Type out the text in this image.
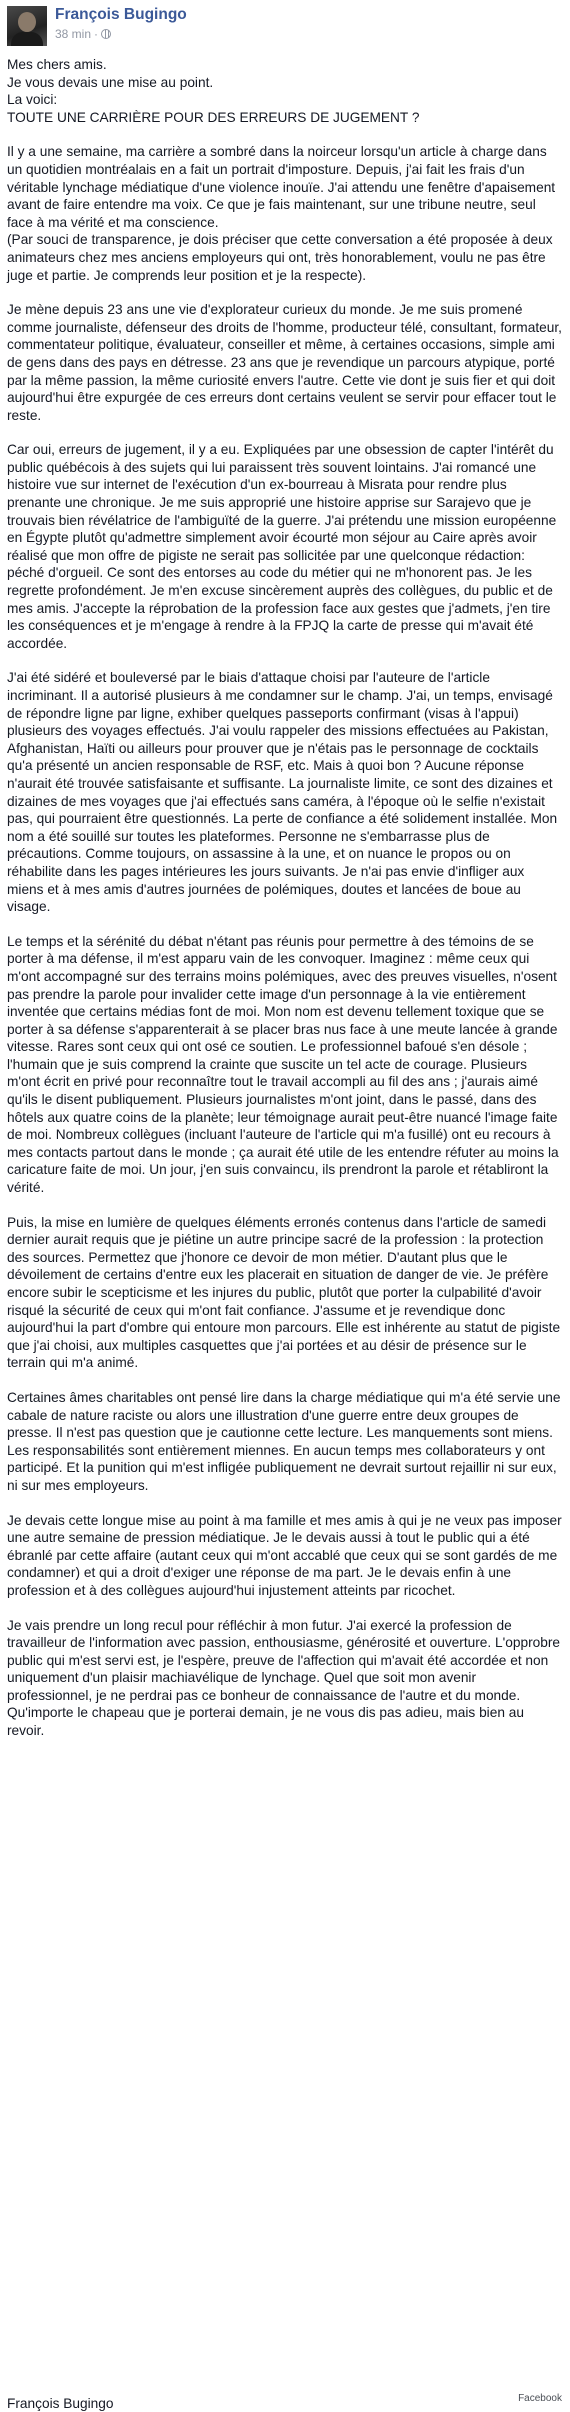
François Bugingo
38 min ·

Mes chers amis.

Je vous devais une mise au point.

La voici:

TOUTE UNE CARRIÈRE POUR DES ERREURS DE JUGEMENT ?

Il y a une semaine, ma carrière a sombré dans la noirceur lorsqu'un article à charge dans un quotidien montréalais en a fait un portrait d'imposture. Depuis, j'ai fait les frais d'un véritable lynchage médiatique d'une violence inouïe. J'ai attendu une fenêtre d'apaisement avant de faire entendre ma voix. Ce que je fais maintenant, sur une tribune neutre, seul face à ma vérité et ma conscience.

(Par souci de transparence, je dois préciser que cette conversation a été proposée à deux animateurs chez mes anciens employeurs qui ont, très honorablement, voulu ne pas être juge et partie. Je comprends leur position et je la respecte).

Je mène depuis 23 ans une vie d'explorateur curieux du monde. Je me suis promené comme journaliste, défenseur des droits de l'homme, producteur télé, consultant, formateur, commentateur politique, évaluateur, conseiller et même, à certaines occasions, simple ami de gens dans des pays en détresse. 23 ans que je revendique un parcours atypique, porté par la même passion, la même curiosité envers l'autre. Cette vie dont je suis fier et qui doit aujourd'hui être expurgée de ces erreurs dont certains veulent se servir pour effacer tout le reste.

Car oui, erreurs de jugement, il y a eu. Expliquées par une obsession de capter l'intérêt du public québécois à des sujets qui lui paraissent très souvent lointains. J'ai romancé une histoire vue sur internet de l'exécution d'un ex-bourreau à Misrata pour rendre plus prenante une chronique. Je me suis approprié une histoire apprise sur Sarajevo que je trouvais bien révélatrice de l'ambiguïté de la guerre. J'ai prétendu une mission européenne en Égypte plutôt qu'admettre simplement avoir écourté mon séjour au Caire après avoir réalisé que mon offre de pigiste ne serait pas sollicitée par une quelconque rédaction: péché d'orgueil. Ce sont des entorses au code du métier qui ne m'honorent pas. Je les regrette profondément. Je m'en excuse sincèrement auprès des collègues, du public et de mes amis. J'accepte la réprobation de la profession face aux gestes que j'admets, j'en tire les conséquences et je m'engage à rendre à la FPJQ la carte de presse qui m'avait été accordée.

J'ai été sidéré et bouleversé par le biais d'attaque choisi par l'auteure de l'article incriminant. Il a autorisé plusieurs à me condamner sur le champ. J'ai, un temps, envisagé de répondre ligne par ligne, exhiber quelques passeports confirmant (visas à l'appui) plusieurs des voyages effectués. J'ai voulu rappeler des missions effectuées au Pakistan, Afghanistan, Haïti ou ailleurs pour prouver que je n'étais pas le personnage de cocktails qu'a présenté un ancien responsable de RSF, etc. Mais à quoi bon ? Aucune réponse n'aurait été trouvée satisfaisante et suffisante. La journaliste limite, ce sont des dizaines et dizaines de mes voyages que j'ai effectués sans caméra, à l'époque où le selfie n'existait pas, qui pourraient être questionnés. La perte de confiance a été solidement installée. Mon nom a été souillé sur toutes les plateformes. Personne ne s'embarrasse plus de précautions. Comme toujours, on assassine à la une, et on nuance le propos ou on réhabilite dans les pages intérieures les jours suivants. Je n'ai pas envie d'infliger aux miens et à mes amis d'autres journées de polémiques, doutes et lancées de boue au visage.

Le temps et la sérénité du débat n'étant pas réunis pour permettre à des témoins de se porter à ma défense, il m'est apparu vain de les convoquer. Imaginez : même ceux qui m'ont accompagné sur des terrains moins polémiques, avec des preuves visuelles, n'osent pas prendre la parole pour invalider cette image d'un personnage à la vie entièrement inventée que certains médias font de moi. Mon nom est devenu tellement toxique que se porter à sa défense s'apparenterait à se placer bras nus face à une meute lancée à grande vitesse. Rares sont ceux qui ont osé ce soutien. Le professionnel bafoué s'en désole ; l'humain que je suis comprend la crainte que suscite un tel acte de courage. Plusieurs m'ont écrit en privé pour reconnaître tout le travail accompli au fil des ans ; j'aurais aimé qu'ils le disent publiquement. Plusieurs journalistes m'ont joint, dans le passé, dans des hôtels aux quatre coins de la planète; leur témoignage aurait peut-être nuancé l'image faite de moi. Nombreux collègues (incluant l'auteure de l'article qui m'a fusillé) ont eu recours à mes contacts partout dans le monde ; ça aurait été utile de les entendre réfuter au moins la caricature faite de moi. Un jour, j'en suis convaincu, ils prendront la parole et rétabliront la vérité.

Puis, la mise en lumière de quelques éléments erronés contenus dans l'article de samedi dernier aurait requis que je piétine un autre principe sacré de la profession : la protection des sources. Permettez que j'honore ce devoir de mon métier. D'autant plus que le dévoilement de certains d'entre eux les placerait en situation de danger de vie. Je préfère encore subir le scepticisme et les injures du public, plutôt que porter la culpabilité d'avoir risqué la sécurité de ceux qui m'ont fait confiance. J'assume et je revendique donc aujourd'hui la part d'ombre qui entoure mon parcours. Elle est inhérente au statut de pigiste que j'ai choisi, aux multiples casquettes que j'ai portées et au désir de présence sur le terrain qui m'a animé.

Certaines âmes charitables ont pensé lire dans la charge médiatique qui m'a été servie une cabale de nature raciste ou alors une illustration d'une guerre entre deux groupes de presse. Il n'est pas question que je cautionne cette lecture. Les manquements sont miens. Les responsabilités sont entièrement miennes. En aucun temps mes collaborateurs y ont participé. Et la punition qui m'est infligée publiquement ne devrait surtout rejaillir ni sur eux, ni sur mes employeurs.

Je devais cette longue mise au point à ma famille et mes amis à qui je ne veux pas imposer une autre semaine de pression médiatique. Je le devais aussi à tout le public qui a été ébranlé par cette affaire (autant ceux qui m'ont accablé que ceux qui se sont gardés de me condamner) et qui a droit d'exiger une réponse de ma part. Je le devais enfin à une profession et à des collègues aujourd'hui injustement atteints par ricochet.

Je vais prendre un long recul pour réfléchir à mon futur. J'ai exercé la profession de travailleur de l'information avec passion, enthousiasme, générosité et ouverture. L'opprobre public qui m'est servi est, je l'espère, preuve de l'affection qui m'avait été accordée et non uniquement d'un plaisir machiavélique de lynchage. Quel que soit mon avenir professionnel, je ne perdrai pas ce bonheur de connaissance de l'autre et du monde. Qu'importe le chapeau que je porterai demain, je ne vous dis pas adieu, mais bien au revoir.

François Bugingo	Facebook
